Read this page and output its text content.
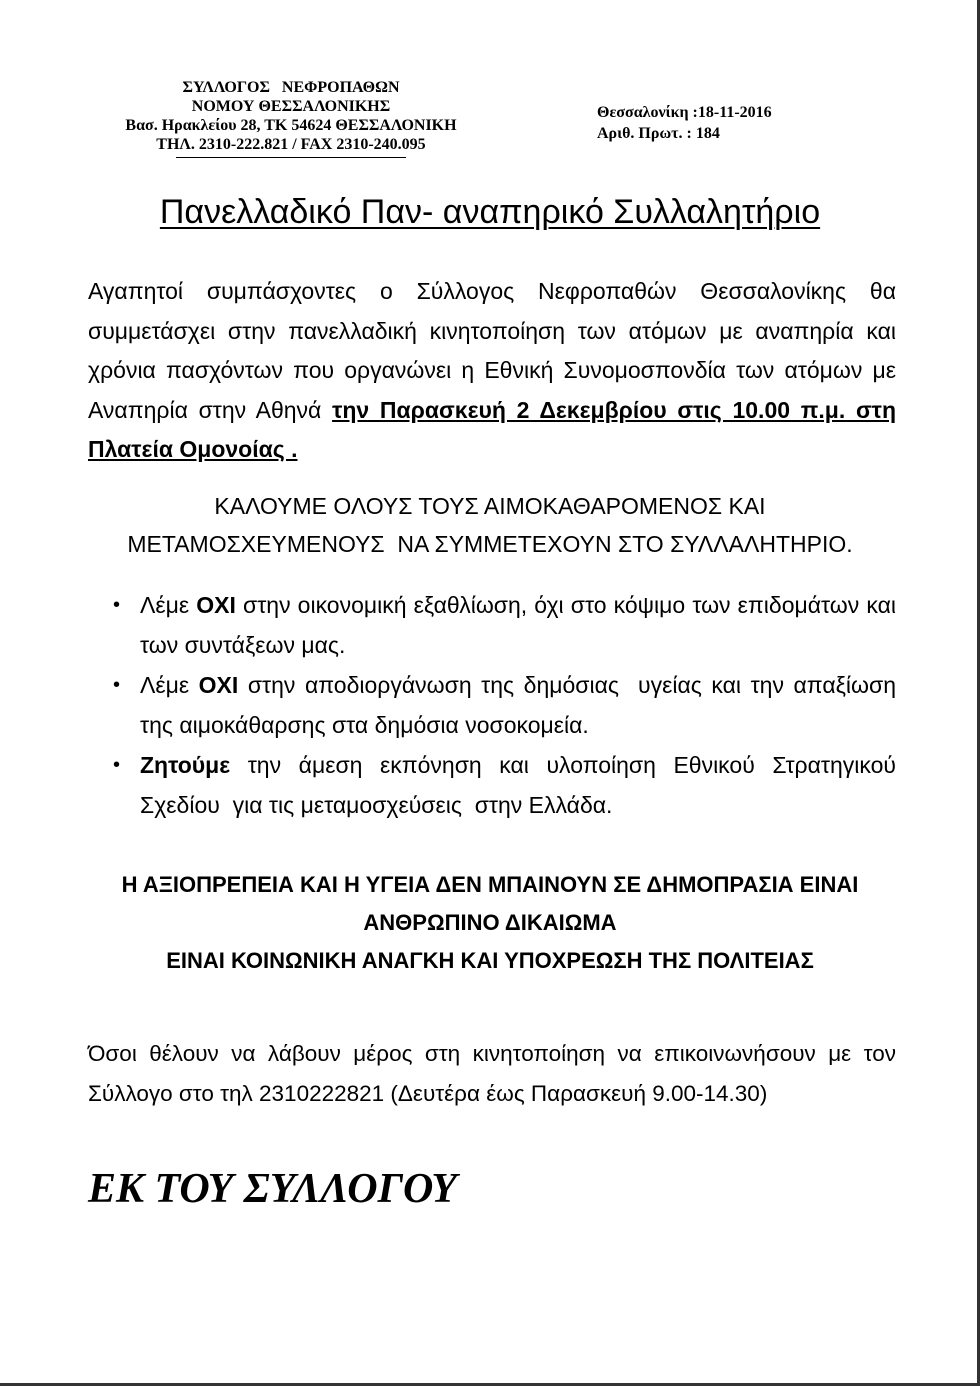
ΣΥΛΛΟΓΟΣ   ΝΕΦΡΟΠΑΘΩΝ
ΝΟΜΟΥ ΘΕΣΣΑΛΟΝΙΚΗΣ
Βασ. Ηρακλείου 28, ΤΚ 54624 ΘΕΣΣΑΛΟΝΙΚΗ
ΤΗΛ. 2310-222.821 / FAX 2310-240.095
Θεσσαλονίκη :18-11-2016
Αριθ. Πρωτ. : 184
Πανελλαδικό Παν- αναπηρικό Συλλαλητήριο

Αγαπητοί συμπάσχοντες ο Σύλλογος Νεφροπαθών Θεσσαλονίκης θα συμμετάσχει στην πανελλαδική κινητοποίηση των ατόμων με αναπηρία και χρόνια πασχόντων που οργανώνει η Εθνική Συνομοσπονδία των ατόμων με Αναπηρία στην Αθηνά την Παρασκευή 2 Δεκεμβρίου στις 10.00 π.μ. στη Πλατεία Ομονοίας .

ΚΑΛΟΥΜΕ ΟΛΟΥΣ ΤΟΥΣ ΑΙΜΟΚΑΘΑΡΟΜΕΝΟΣ ΚΑΙ
ΜΕΤΑΜΟΣΧΕΥΜΕΝΟΥΣ  ΝΑ ΣΥΜΜΕΤΕΧΟΥΝ ΣΤΟ ΣΥΛΛΑΛΗΤΗΡΙΟ.
• Λέμε ΟΧΙ στην οικονομική εξαθλίωση, όχι στο κόψιμο των επιδομάτων και των συντάξεων μας.
• Λέμε ΟΧΙ στην αποδιοργάνωση της δημόσιας  υγείας και την απαξίωση της αιμοκάθαρσης στα δημόσια νοσοκομεία.
• Ζητούμε την άμεση εκπόνηση και υλοποίηση Εθνικού Στρατηγικού Σχεδίου  για τις μεταμοσχεύσεις  στην Ελλάδα.
Η ΑΞΙΟΠΡΕΠΕΙΑ ΚΑΙ Η ΥΓΕΙΑ ΔΕΝ ΜΠΑΙΝΟΥΝ ΣΕ ΔΗΜΟΠΡΑΣΙΑ ΕΙΝΑΙ
ΑΝΘΡΩΠΙΝΟ ΔΙΚΑΙΩΜΑ
ΕΙΝΑΙ ΚΟΙΝΩΝΙΚΗ ΑΝΑΓΚΗ ΚΑΙ ΥΠΟΧΡΕΩΣΗ ΤΗΣ ΠΟΛΙΤΕΙΑΣ

Όσοι θέλουν να λάβουν μέρος στη κινητοποίηση να επικοινωνήσουν με τον Σύλλογο στο τηλ 2310222821 (Δευτέρα έως Παρασκευή 9.00-14.30)

ΕΚ ΤΟΥ ΣΥΛΛΟΓΟΥ
